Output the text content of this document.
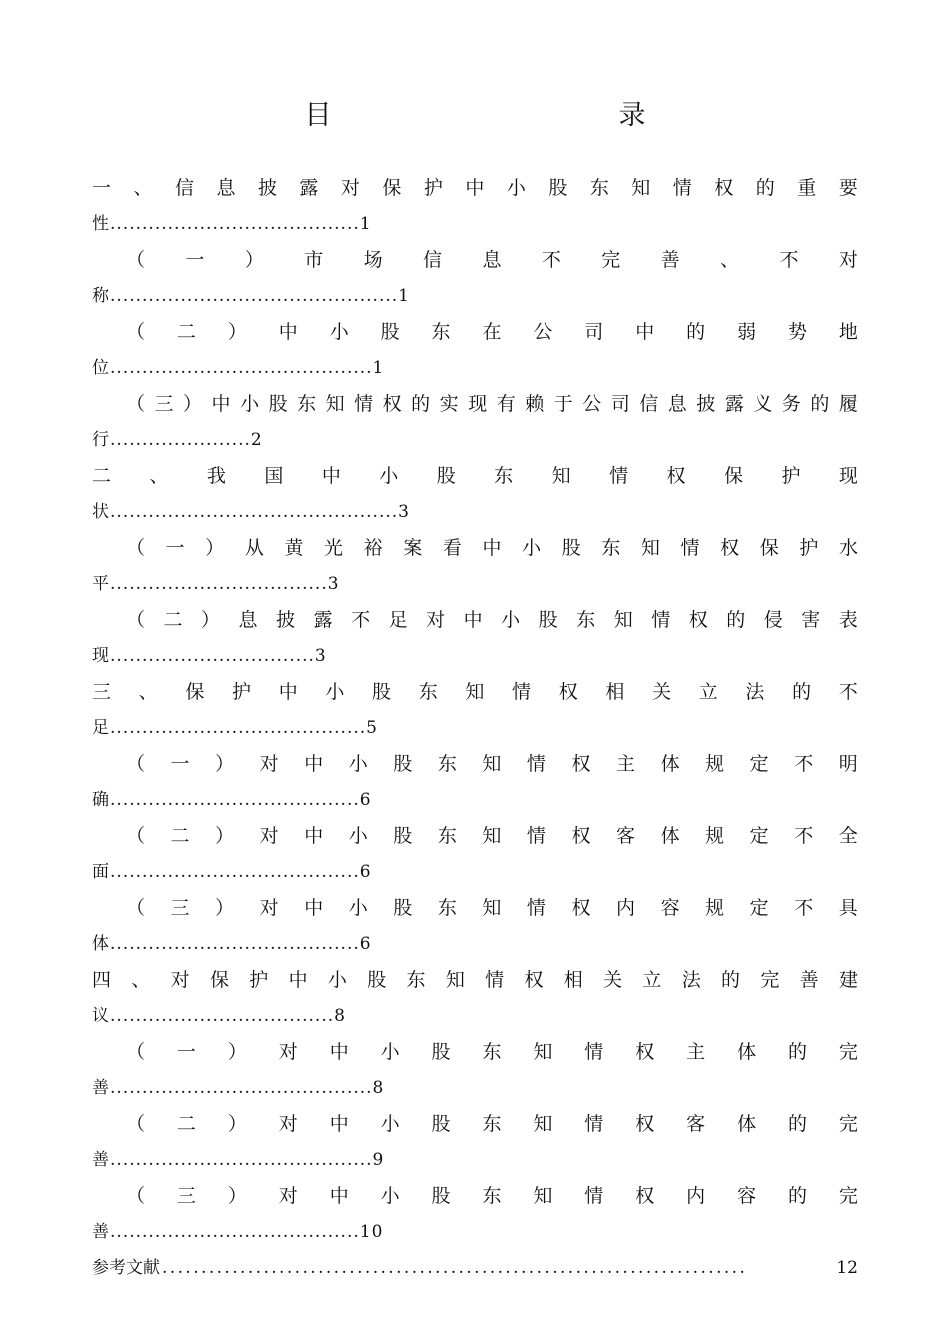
目　录
一 、 信 息 披 露 对 保 护 中 小 股 东 知 情 权 的 重 要
性.......................................1
（ 一 ） 市 场 信 息 不 完 善 、 不 对
称.............................................1
（ 二 ） 中 小 股 东 在 公 司 中 的 弱 势 地
位.........................................1
（ 三 ） 中 小 股 东 知 情 权 的 实 现 有 赖 于 公 司 信 息 披 露 义 务 的 履
行......................2
二 、 我 国 中 小 股 东 知 情 权 保 护 现
状.............................................3
（ 一 ） 从 黄 光 裕 案 看 中 小 股 东 知 情 权 保 护 水
平..................................3
（ 二 ） 息 披 露 不 足 对 中 小 股 东 知 情 权 的 侵 害 表
现................................3
三 、 保 护 中 小 股 东 知 情 权 相 关 立 法 的 不
足........................................5
（ 一 ） 对 中 小 股 东 知 情 权 主 体 规 定 不 明
确.......................................6
（ 二 ） 对 中 小 股 东 知 情 权 客 体 规 定 不 全
面.......................................6
（ 三 ） 对 中 小 股 东 知 情 权 内 容 规 定 不 具
体.......................................6
四 、 对 保 护 中 小 股 东 知 情 权 相 关 立 法 的 完 善 建
议...................................8
（ 一 ） 对 中 小 股 东 知 情 权 主 体 的 完
善.........................................8
（ 二 ） 对 中 小 股 东 知 情 权 客 体 的 完
善.........................................9
（ 三 ） 对 中 小 股 东 知 情 权 内 容 的 完
善.......................................10
参考文献 ...........................................................................	12
